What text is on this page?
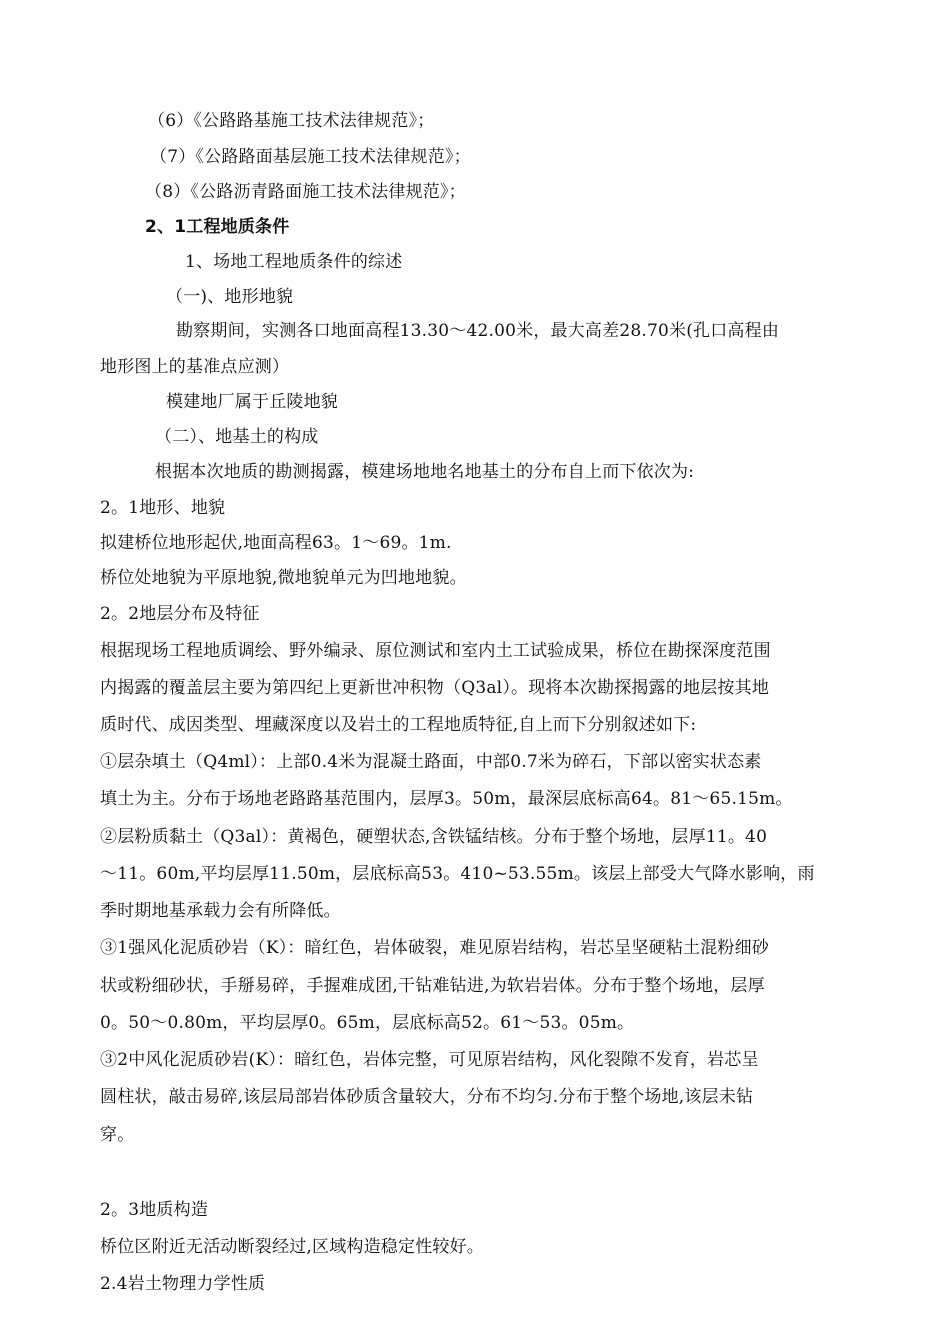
（6）《公路路基施工技术法律规范》；
（7）《公路路面基层施工技术法律规范》；
（8）《公路沥青路面施工技术法律规范》；
2、1工程地质条件
1、场地工程地质条件的综述
（一)、地形地貌
勘察期间，实测各口地面高程13.30～42.00米，最大高差28.70米(孔口高程由
地形图上的基准点应测）
模建地厂属于丘陵地貌
（二）、地基土的构成
根据本次地质的勘测揭露，模建场地地名地基土的分布自上而下依次为:
2。1地形、地貌
拟建桥位地形起伏,地面高程63。1～69。1m.
桥位处地貌为平原地貌,微地貌单元为凹地地貌。
2。2地层分布及特征
根据现场工程地质调绘、野外编录、原位测试和室内土工试验成果，桥位在勘探深度范围
内揭露的覆盖层主要为第四纪上更新世冲积物（Q3al）。现将本次勘探揭露的地层按其地
质时代、成因类型、埋藏深度以及岩土的工程地质特征,自上而下分别叙述如下:
①层杂填土（Q4ml）：上部0.4米为混凝土路面，中部0.7米为碎石，下部以密实状态素
填土为主。分布于场地老路路基范围内，层厚3。50m，最深层底标高64。81～65.15m。
②层粉质黏土（Q3al）：黄褐色，硬塑状态,含铁锰结核。分布于整个场地，层厚11。40
～11。60m,平均层厚11.50m，层底标高53。410~53.55m。该层上部受大气降水影响，雨
季时期地基承载力会有所降低。
③1强风化泥质砂岩（K）：暗红色，岩体破裂，难见原岩结构，岩芯呈坚硬粘土混粉细砂
状或粉细砂状，手掰易碎，手握难成团,干钻难钻进,为软岩岩体。分布于整个场地，层厚
0。50～0.80m，平均层厚0。65m，层底标高52。61～53。05m。
③2中风化泥质砂岩(K）：暗红色，岩体完整，可见原岩结构，风化裂隙不发育，岩芯呈
圆柱状，敲击易碎,该层局部岩体砂质含量较大，分布不均匀.分布于整个场地,该层未钻
穿。
2。3地质构造
桥位区附近无活动断裂经过,区域构造稳定性较好。
2.4岩土物理力学性质
